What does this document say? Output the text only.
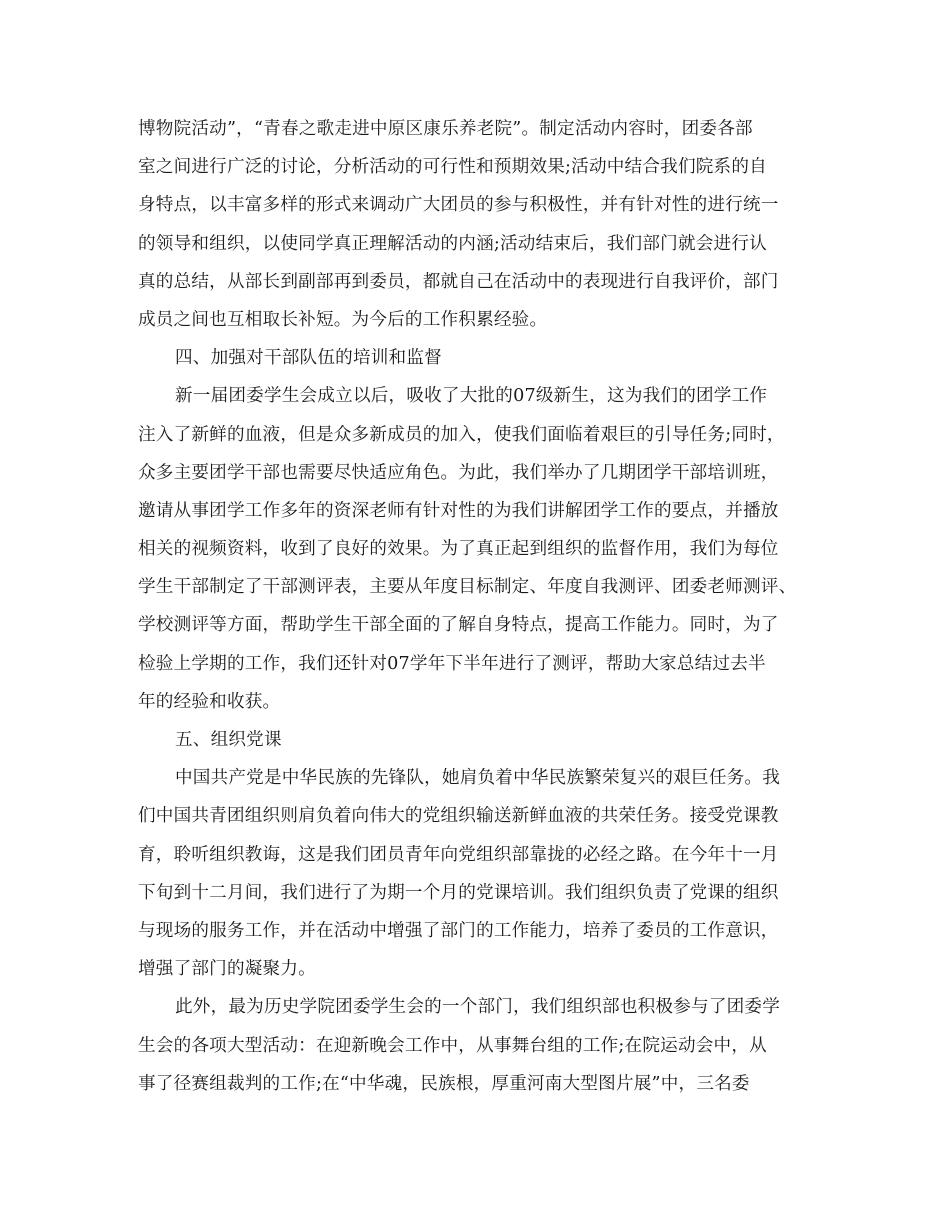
博物院活动”，“青春之歌走进中原区康乐养老院”。制定活动内容时，团委各部
室之间进行广泛的讨论，分析活动的可行性和预期效果;活动中结合我们院系的自
身特点，以丰富多样的形式来调动广大团员的参与积极性，并有针对性的进行统一
的领导和组织，以使同学真正理解活动的内涵;活动结束后，我们部门就会进行认
真的总结，从部长到副部再到委员，都就自己在活动中的表现进行自我评价，部门
成员之间也互相取长补短。为今后的工作积累经验。
四、加强对干部队伍的培训和监督
新一届团委学生会成立以后，吸收了大批的07级新生，这为我们的团学工作
注入了新鲜的血液，但是众多新成员的加入，使我们面临着艰巨的引导任务;同时，
众多主要团学干部也需要尽快适应角色。为此，我们举办了几期团学干部培训班，
邀请从事团学工作多年的资深老师有针对性的为我们讲解团学工作的要点，并播放
相关的视频资料，收到了良好的效果。为了真正起到组织的监督作用，我们为每位
学生干部制定了干部测评表，主要从年度目标制定、年度自我测评、团委老师测评、
学校测评等方面，帮助学生干部全面的了解自身特点，提高工作能力。同时，为了
检验上学期的工作，我们还针对07学年下半年进行了测评，帮助大家总结过去半
年的经验和收获。
五、组织党课
中国共产党是中华民族的先锋队，她肩负着中华民族繁荣复兴的艰巨任务。我
们中国共青团组织则肩负着向伟大的党组织输送新鲜血液的共荣任务。接受党课教
育，聆听组织教诲，这是我们团员青年向党组织部靠拢的必经之路。在今年十一月
下旬到十二月间，我们进行了为期一个月的党课培训。我们组织负责了党课的组织
与现场的服务工作，并在活动中增强了部门的工作能力，培养了委员的工作意识，
增强了部门的凝聚力。
此外，最为历史学院团委学生会的一个部门，我们组织部也积极参与了团委学
生会的各项大型活动：在迎新晚会工作中，从事舞台组的工作;在院运动会中，从
事了径赛组裁判的工作;在“中华魂，民族根，厚重河南大型图片展”中，三名委
